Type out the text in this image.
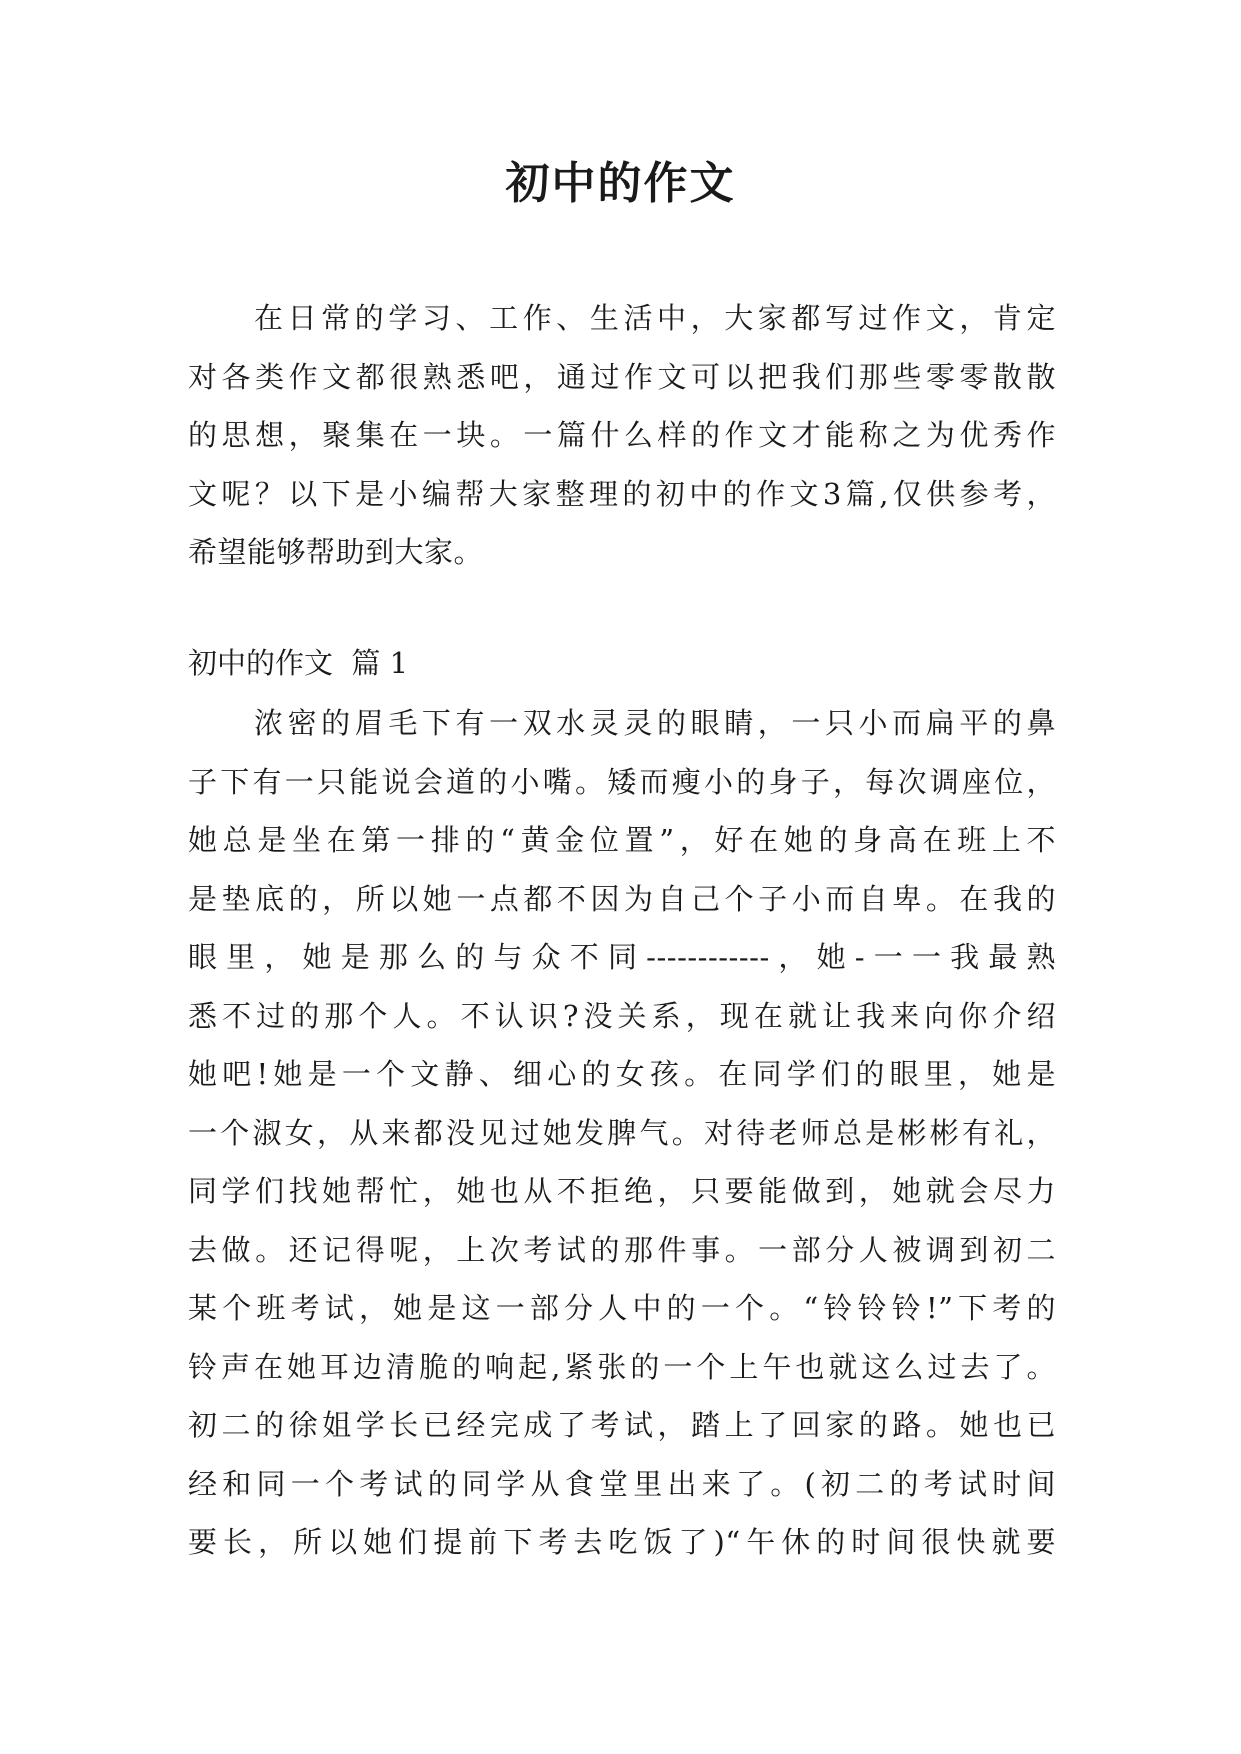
初中的作文
在日常的学习、工作、生活中，大家都写过作文，肯定
对各类作文都很熟悉吧，通过作文可以把我们那些零零散散
的思想，聚集在一块。一篇什么样的作文才能称之为优秀作
文呢？以下是小编帮大家整理的初中的作文3篇,仅供参考，
希望能够帮助到大家。
初中的作文  篇 1
浓密的眉毛下有一双水灵灵的眼睛，一只小而扁平的鼻
子下有一只能说会道的小嘴。矮而瘦小的身子，每次调座位，
她总是坐在第一排的“黄金位置”，好在她的身高在班上不
是垫底的，所以她一点都不因为自己个子小而自卑。在我的
眼里，她是那么的与众不同------------，她-一一我最熟
悉不过的那个人。不认识?没关系，现在就让我来向你介绍
她吧!她是一个文静、细心的女孩。在同学们的眼里，她是
一个淑女，从来都没见过她发脾气。对待老师总是彬彬有礼，
同学们找她帮忙，她也从不拒绝，只要能做到，她就会尽力
去做。还记得呢，上次考试的那件事。一部分人被调到初二
某个班考试，她是这一部分人中的一个。“铃铃铃!”下考的
铃声在她耳边清脆的响起,紧张的一个上午也就这么过去了。
初二的徐姐学长已经完成了考试，踏上了回家的路。她也已
经和同一个考试的同学从食堂里出来了。(初二的考试时间
要长，所以她们提前下考去吃饭了)“午休的时间很快就要
